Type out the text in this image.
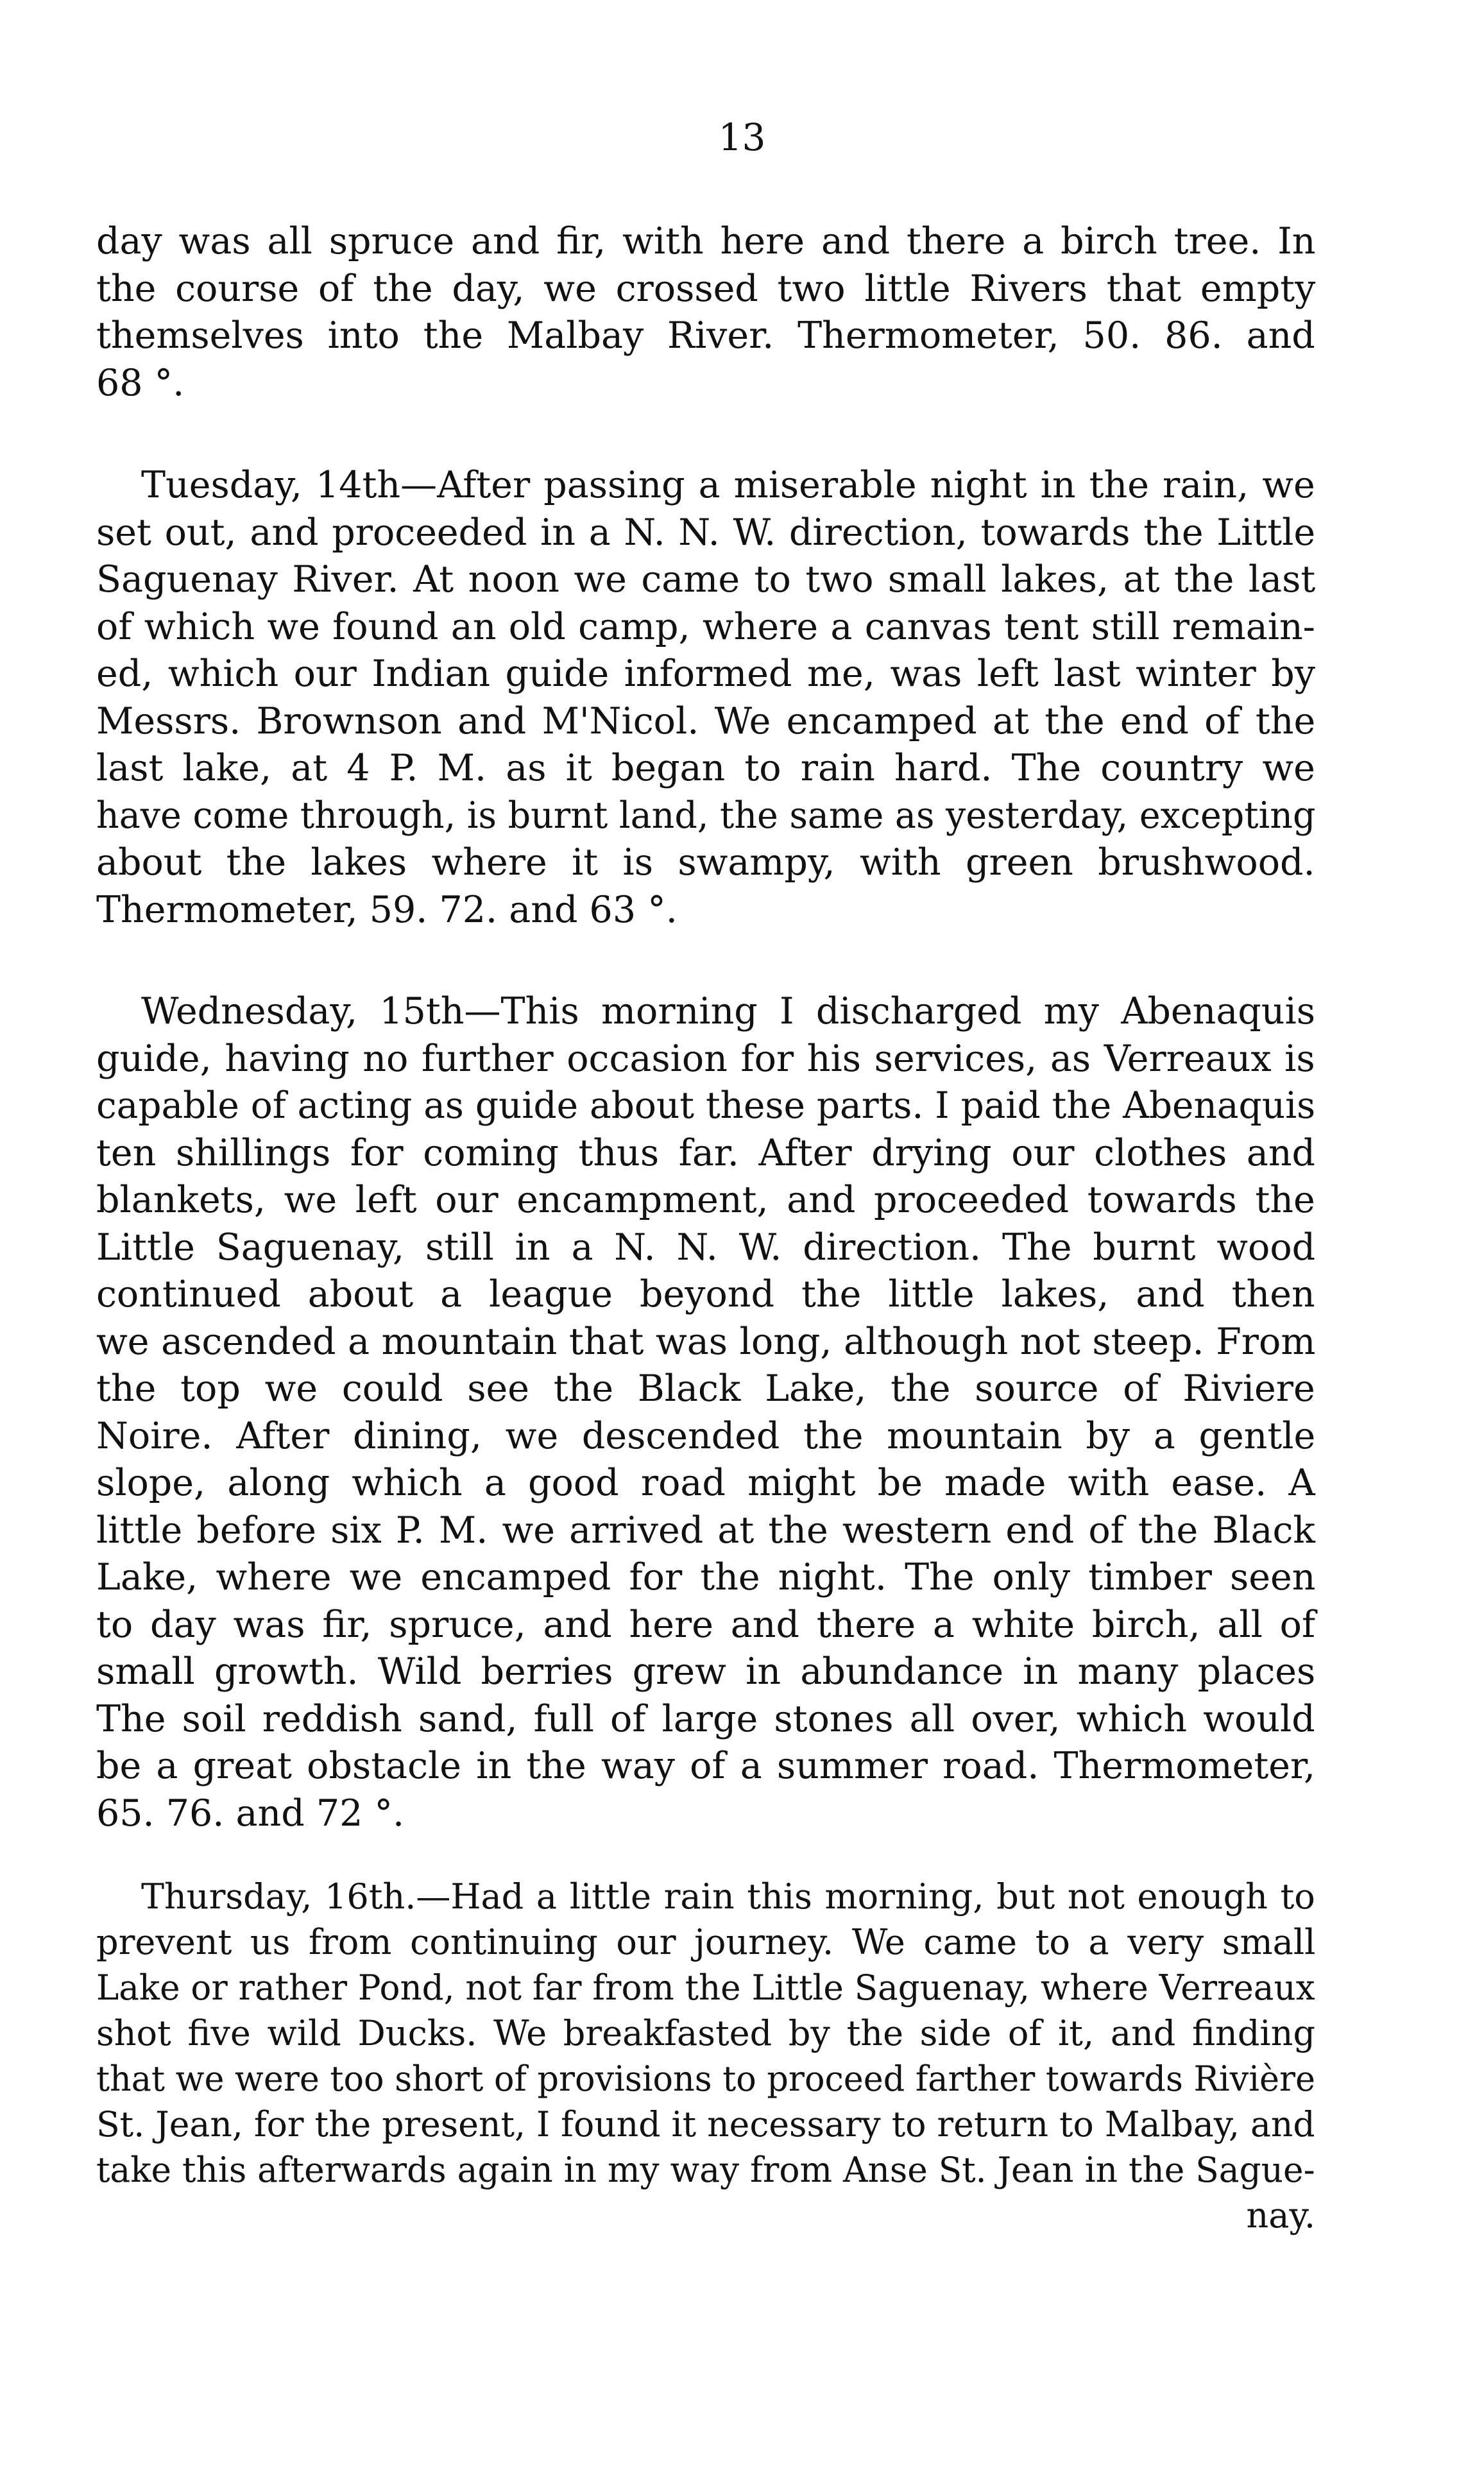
13
day was all spruce and fir, with here and there a birch tree. In
the course of the day, we crossed two little Rivers that empty
themselves into the Malbay River. Thermometer, 50. 86. and
68 °.
Tuesday, 14th—After passing a miserable night in the rain, we
set out, and proceeded in a N. N. W. direction, towards the Little
Saguenay River. At noon we came to two small lakes, at the last
of which we found an old camp, where a canvas tent still remain-
ed, which our Indian guide informed me, was left last winter by
Messrs. Brownson and M'Nicol. We encamped at the end of the
last lake, at 4 P. M. as it began to rain hard. The country we
have come through, is burnt land, the same as yesterday, excepting
about the lakes where it is swampy, with green brushwood.
Thermometer, 59. 72. and 63 °.
Wednesday, 15th—This morning I discharged my Abenaquis
guide, having no further occasion for his services, as Verreaux is
capable of acting as guide about these parts. I paid the Abenaquis
ten shillings for coming thus far. After drying our clothes and
blankets, we left our encampment, and proceeded towards the
Little Saguenay, still in a N. N. W. direction. The burnt wood
continued about a league beyond the little lakes, and then
we ascended a mountain that was long, although not steep. From
the top we could see the Black Lake, the source of Riviere
Noire. After dining, we descended the mountain by a gentle
slope, along which a good road might be made with ease. A
little before six P. M. we arrived at the western end of the Black
Lake, where we encamped for the night. The only timber seen
to day was fir, spruce, and here and there a white birch, all of
small growth. Wild berries grew in abundance in many places
The soil reddish sand, full of large stones all over, which would
be a great obstacle in the way of a summer road. Thermometer,
65. 76. and 72 °.
Thursday, 16th.—Had a little rain this morning, but not enough to
prevent us from continuing our journey. We came to a very small
Lake or rather Pond, not far from the Little Saguenay, where Verreaux
shot five wild Ducks. We breakfasted by the side of it, and finding
that we were too short of provisions to proceed farther towards Rivière
St. Jean, for the present, I found it necessary to return to Malbay, and
take this afterwards again in my way from Anse St. Jean in the Sague-
nay.
